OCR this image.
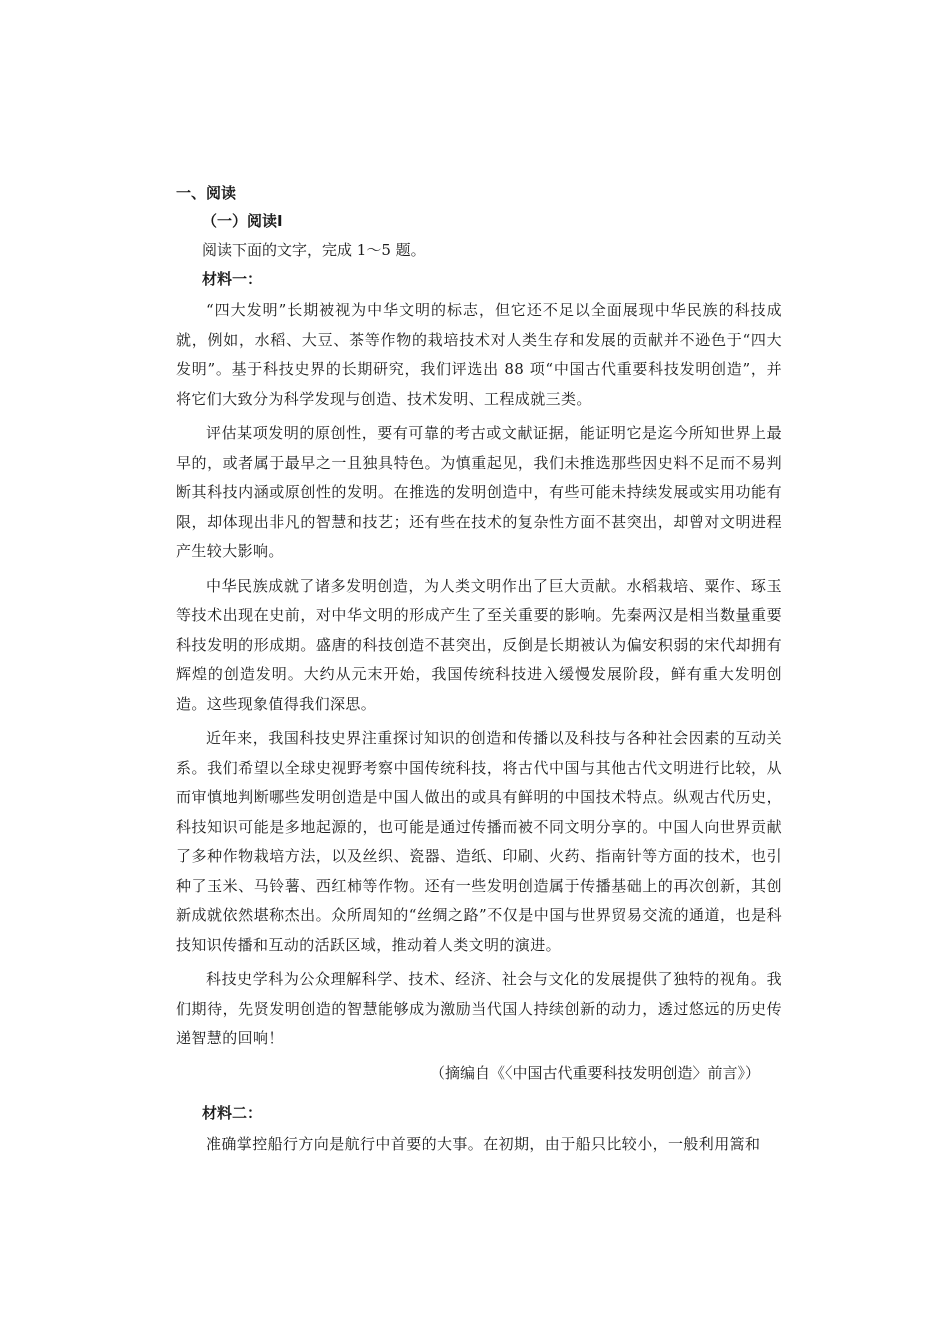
一、阅读
（一）阅读Ⅰ
阅读下面的文字，完成 1～5 题。
材料一：

“四大发明”长期被视为中华文明的标志，但它还不足以全面展现中华民族的科技成就，例如，水稻、大豆、茶等作物的栽培技术对人类生存和发展的贡献并不逊色于“四大发明”。基于科技史界的长期研究，我们评选出 88 项“中国古代重要科技发明创造”，并将它们大致分为科学发现与创造、技术发明、工程成就三类。

评估某项发明的原创性，要有可靠的考古或文献证据，能证明它是迄今所知世界上最早的，或者属于最早之一且独具特色。为慎重起见，我们未推选那些因史料不足而不易判断其科技内涵或原创性的发明。在推选的发明创造中，有些可能未持续发展或实用功能有限，却体现出非凡的智慧和技艺；还有些在技术的复杂性方面不甚突出，却曾对文明进程产生较大影响。

中华民族成就了诸多发明创造，为人类文明作出了巨大贡献。水稻栽培、粟作、琢玉等技术出现在史前，对中华文明的形成产生了至关重要的影响。先秦两汉是相当数量重要科技发明的形成期。盛唐的科技创造不甚突出，反倒是长期被认为偏安积弱的宋代却拥有辉煌的创造发明。大约从元末开始，我国传统科技进入缓慢发展阶段，鲜有重大发明创造。这些现象值得我们深思。

近年来，我国科技史界注重探讨知识的创造和传播以及科技与各种社会因素的互动关系。我们希望以全球史视野考察中国传统科技，将古代中国与其他古代文明进行比较，从而审慎地判断哪些发明创造是中国人做出的或具有鲜明的中国技术特点。纵观古代历史，科技知识可能是多地起源的，也可能是通过传播而被不同文明分享的。中国人向世界贡献了多种作物栽培方法，以及丝织、瓷器、造纸、印刷、火药、指南针等方面的技术，也引种了玉米、马铃薯、西红柿等作物。还有一些发明创造属于传播基础上的再次创新，其创新成就依然堪称杰出。众所周知的“丝绸之路”不仅是中国与世界贸易交流的通道，也是科技知识传播和互动的活跃区域，推动着人类文明的演进。

科技史学科为公众理解科学、技术、经济、社会与文化的发展提供了独特的视角。我们期待，先贤发明创造的智慧能够成为激励当代国人持续创新的动力，透过悠远的历史传递智慧的回响！

（摘编自《〈中国古代重要科技发明创造〉前言》）
材料二：

准确掌控船行方向是航行中首要的大事。在初期，由于船只比较小，一般利用篙和
